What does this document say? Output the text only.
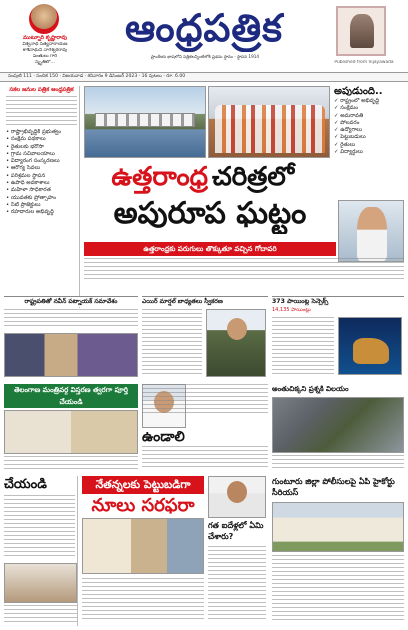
ముట్నూరి కృష్ణారావు
విశ్వనాథ సత్యనారాయణ
కాశీనాథుని నాగేశ్వరరావు
పంతులు గారి
స్మృతిలో...
ఆంధ్రపత్రిక
ప్రాంతీయ భాషలోని పత్రికలన్నింటిలోకి ప్రథమ స్థానం · స్థాపన 1914
Published from Vijayawada
సంపుటి 111 · సంచిక 150 · విజయవాడ · శనివారం 9 డిసెంబర్ 2023 · 16 పుటలు · రూ. 6.00
సకల జనుల పత్రిక ఆంధ్రపత్రిక
• రాష్ట్రాభివృద్ధికి ప్రభుత్వం
• సంక్షేమ పథకాలు
• రైతులకు భరోసా
• గ్రామ సచివాలయాలు
• విద్యారంగ సంస్కరణలు
• ఆరోగ్య సేవలు
• పరిశ్రమల స్థాపన
• ఉపాధి అవకాశాలు
• మహిళా సాధికారత
• యువతకు ప్రోత్సాహం
• నీటి ప్రాజెక్టులు
• రహదారుల అభివృద్ధి
అపుడుంది..
✓ రాష్ట్రంలో అభివృద్ధి
✓ సంక్షేమం
✓ అమరావతి
✓ పోలవరం
✓ ఉద్యోగాలు
✓ పెట్టుబడులు
✓ రైతులు
✓ విద్యార్థులు
ఉత్తరాంధ్ర చరిత్రలో
అపురూప ఘట్టం
ఉత్తరాంధ్రకు పరుగులు తొక్కుతూ వచ్చిన గోదావరి
రాష్ట్రపతితో నవీన్ పట్నాయక్ సమావేశం	ఎయిర్ మార్షల్ బాధ్యతలు స్వీకరణ	373 పాయింట్ల సెన్సెక్స్
14,135 పాయింట్లు
తెలంగాణ మంత్రివర్గ విస్తరణ త్వరగా పూర్తి చేయండి
ఉండాలి
అంతుచిక్కని ప్రశ్నకి విలయం
చేయండి	నేతన్నలకు పెట్టుబడిగా
నూలు సరఫరా
గత ఐదేళ్లలో ఏమి చేశారు?
గుంటూరు జిల్లా పోలీసులపై ఏపి హైకోర్టు సీరియస్
